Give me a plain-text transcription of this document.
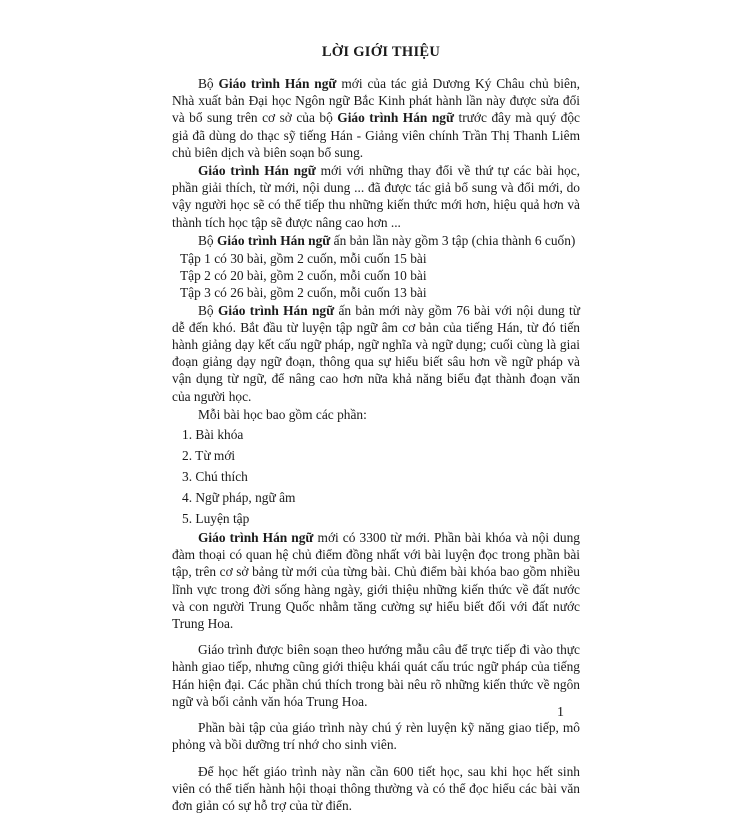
LỜI GIỚI THIỆU

Bộ Giáo trình Hán ngữ mới của tác giả Dương Ký Châu chủ biên, Nhà xuất bản Đại học Ngôn ngữ Bắc Kinh phát hành lần này được sửa đổi và bổ sung trên cơ sở của bộ Giáo trình Hán ngữ trước đây mà quý độc giả đã dùng do thạc sỹ tiếng Hán - Giảng viên chính Trần Thị Thanh Liêm chủ biên dịch và biên soạn bổ sung.

Giáo trình Hán ngữ mới với những thay đổi về thứ tự các bài học, phần giải thích, từ mới, nội dung ... đã được tác giả bổ sung và đổi mới, do vậy người học sẽ có thể tiếp thu những kiến thức mới hơn, hiệu quả hơn và thành tích học tập sẽ được nâng cao hơn ...

Bộ Giáo trình Hán ngữ ấn bản lần này gồm 3 tập (chia thành 6 cuốn)

Tập 1 có 30 bài, gồm 2 cuốn, mỗi cuốn 15 bài
Tập 2 có 20 bài, gồm 2 cuốn, mỗi cuốn 10 bài
Tập 3 có 26 bài, gồm 2 cuốn, mỗi cuốn 13 bài

Bộ Giáo trình Hán ngữ ấn bản mới này gồm 76 bài với nội dung từ dễ đến khó. Bắt đầu từ luyện tập ngữ âm cơ bản của tiếng Hán, từ đó tiến hành giảng dạy kết cấu ngữ pháp, ngữ nghĩa và ngữ dụng; cuối cùng là giai đoạn giảng dạy ngữ đoạn, thông qua sự hiểu biết sâu hơn về ngữ pháp và vận dụng từ ngữ, để nâng cao hơn nữa khả năng biểu đạt thành đoạn văn của người học.

Mỗi bài học bao gồm các phần:

1. Bài khóa
2. Từ mới
3. Chú thích
4. Ngữ pháp, ngữ âm
5. Luyện tập

Giáo trình Hán ngữ mới có 3300 từ mới. Phần bài khóa và nội dung đàm thoại có quan hệ chủ điểm đồng nhất với bài luyện đọc trong phần bài tập, trên cơ sở bảng từ mới của từng bài. Chủ điểm bài khóa bao gồm nhiều lĩnh vực trong đời sống hàng ngày, giới thiệu những kiến thức về đất nước và con người Trung Quốc nhằm tăng cường sự hiểu biết đối với đất nước Trung Hoa.

Giáo trình được biên soạn theo hướng mẫu câu để trực tiếp đi vào thực hành giao tiếp, nhưng cũng giới thiệu khái quát cấu trúc ngữ pháp của tiếng Hán hiện đại. Các phần chú thích trong bài nêu rõ những kiến thức về ngôn ngữ và bối cảnh văn hóa Trung Hoa.

Phần bài tập của giáo trình này chú ý rèn luyện kỹ năng giao tiếp, mô phỏng và bồi dưỡng trí nhớ cho sinh viên.

Để học hết giáo trình này nần cần 600 tiết học, sau khi học hết sinh viên có thể tiến hành hội thoại thông thường và có thể đọc hiểu các bài văn đơn giản có sự hỗ trợ của từ điển.

1
